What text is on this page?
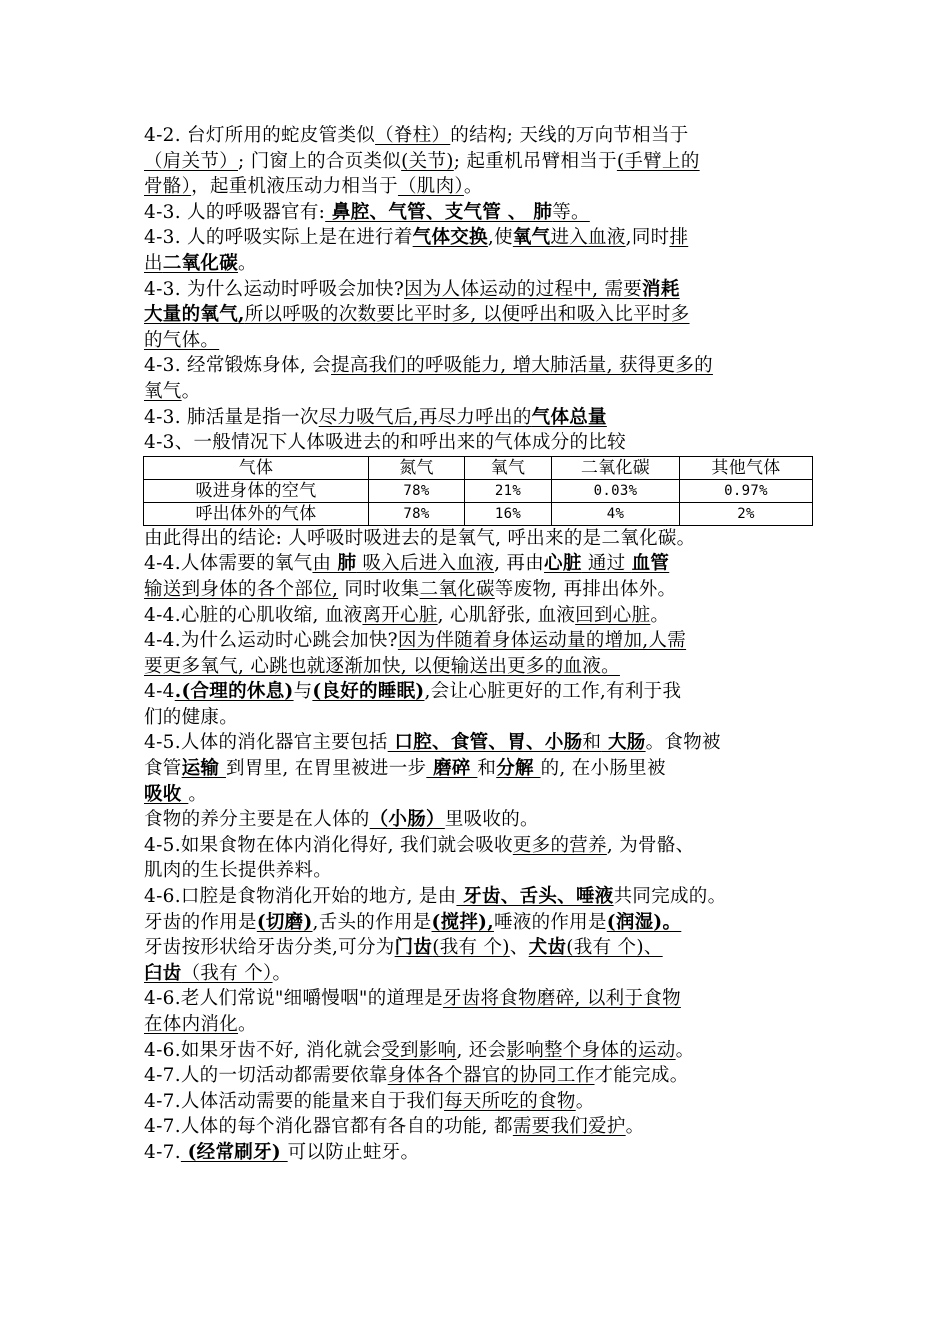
4-2. 台灯所用的蛇皮管类似（脊柱）的结构; 天线的万向节相当于

（肩关节）; 门窗上的合页类似(关节); 起重机吊臂相当于(手臂上的

骨骼），起重机液压动力相当于（肌肉）。

4-3. 人的呼吸器官有: 鼻腔、气管、支气管 、 肺等。

4-3. 人的呼吸实际上是在进行着气体交换,使氧气进入血液,同时排

出二氧化碳。

4-3. 为什么运动时呼吸会加快?因为人体运动的过程中, 需要消耗

大量的氧气,所以呼吸的次数要比平时多, 以便呼出和吸入比平时多

的气体。

4-3. 经常锻炼身体, 会提高我们的呼吸能力, 增大肺活量, 获得更多的

氧气。

4-3. 肺活量是指一次尽力吸气后,再尽力呼出的气体总量

4-3、一般情况下人体吸进去的和呼出来的气体成分的比较

气体	氮气	氧气	二氧化碳	其他气体
吸进身体的空气	78%	21%	0.03%	0.97%
呼出体外的气体	78%	16%	4%	2%

由此得出的结论: 人呼吸时吸进去的是氧气, 呼出来的是二氧化碳。

4-4.人体需要的氧气由 肺 吸入后进入血液, 再由心脏 通过 血管

输送到身体的各个部位, 同时收集二氧化碳等废物, 再排出体外。

4-4.心脏的心肌收缩, 血液离开心脏, 心肌舒张, 血液回到心脏。

4-4.为什么运动时心跳会加快?因为伴随着身体运动量的增加,人需

要更多氧气, 心跳也就逐渐加快, 以便输送出更多的血液。

4-4.(合理的休息)与(良好的睡眠),会让心脏更好的工作,有利于我

们的健康。

4-5.人体的消化器官主要包括 口腔、食管、胃、小肠和 大肠。食物被

食管运输 到胃里, 在胃里被进一步 磨碎 和分解 的, 在小肠里被

吸收 。

食物的养分主要是在人体的（小肠）里吸收的。

4-5.如果食物在体内消化得好, 我们就会吸收更多的营养, 为骨骼、

肌肉的生长提供养料。

4-6.口腔是食物消化开始的地方, 是由 牙齿、舌头、唾液共同完成的。

牙齿的作用是(切磨),舌头的作用是(搅拌),唾液的作用是(润湿)。

牙齿按形状给牙齿分类,可分为门齿(我有 个)、犬齿(我有 个)、

臼齿（我有 个）。

4-6.老人们常说"细嚼慢咽"的道理是牙齿将食物磨碎, 以利于食物

在体内消化。

4-6.如果牙齿不好, 消化就会受到影响, 还会影响整个身体的运动。

4-7.人的一切活动都需要依靠身体各个器官的协同工作才能完成。

4-7.人体活动需要的能量来自于我们每天所吃的食物。

4-7.人体的每个消化器官都有各自的功能, 都需要我们爱护。

4-7. (经常刷牙) 可以防止蛀牙。
